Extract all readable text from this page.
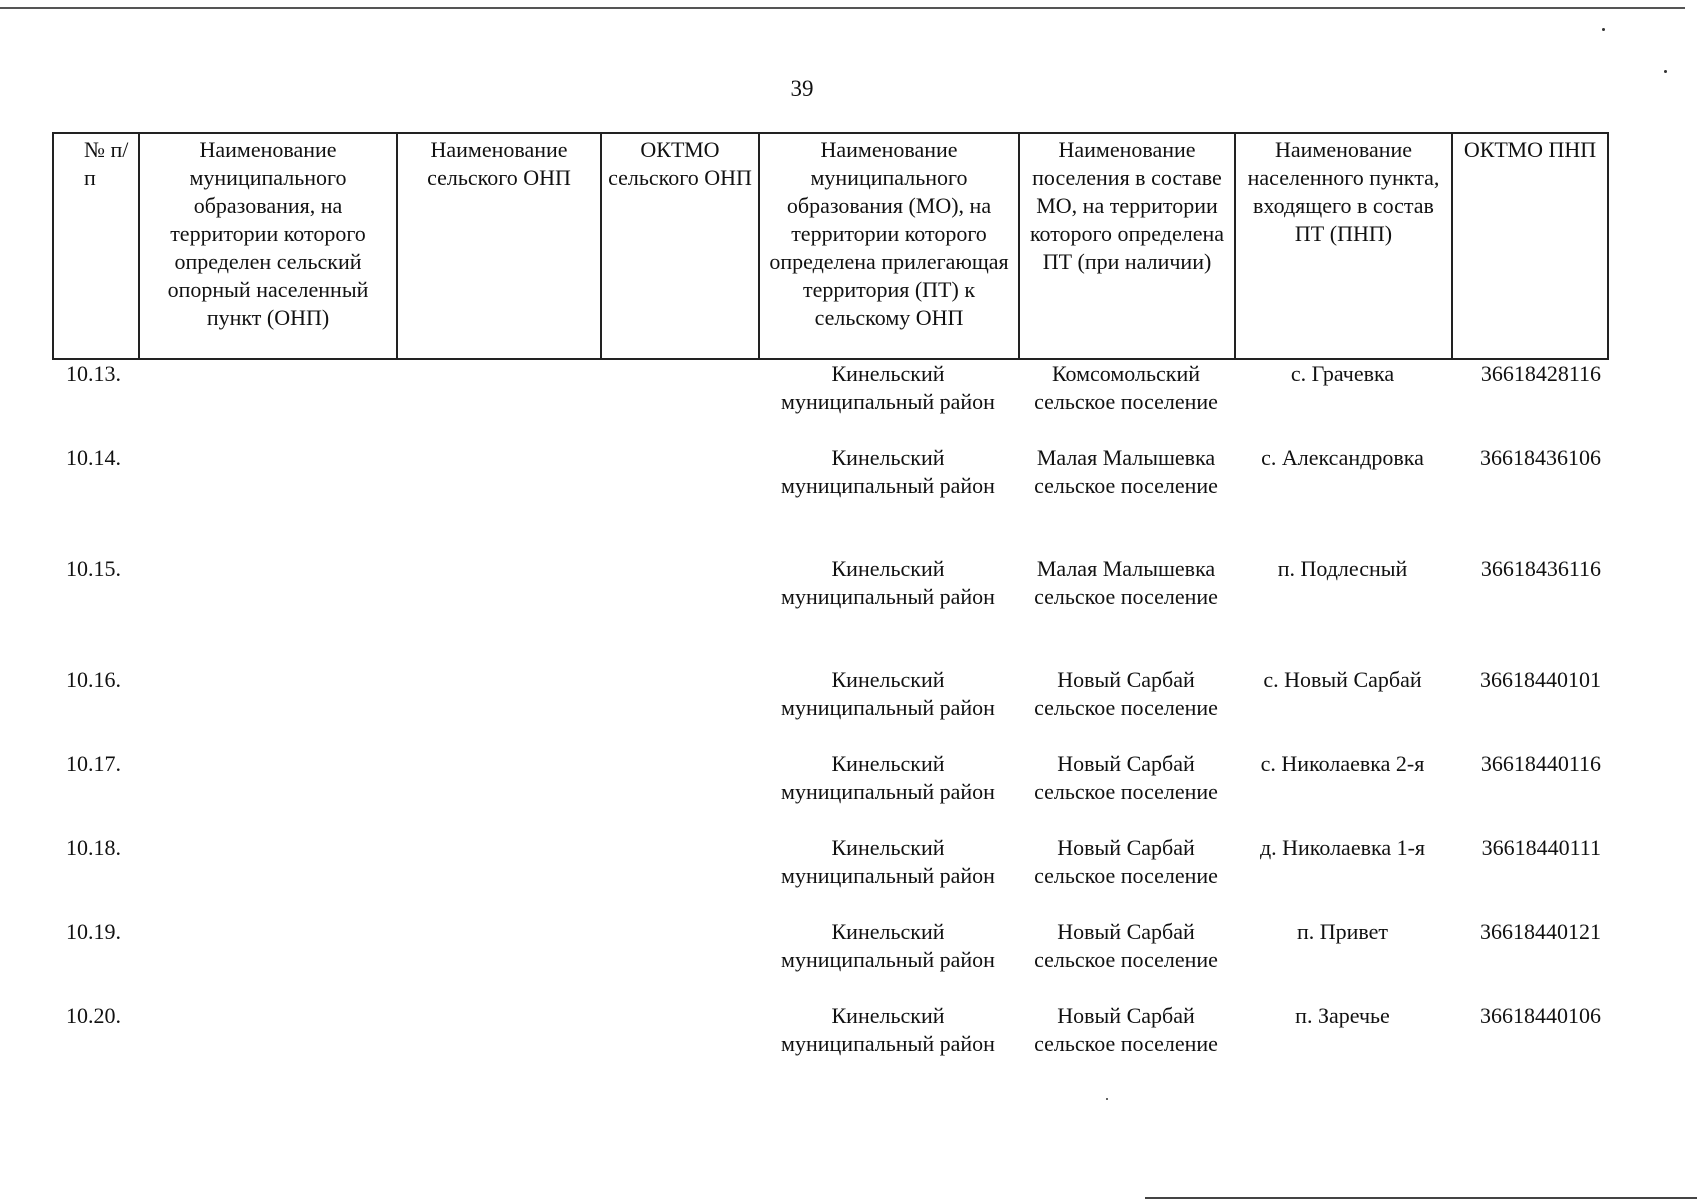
39
№ п/п	Наименование муниципального образования, на территории которого определен сельский опорный населенный пункт (ОНП)	Наименование сельского ОНП	ОКТМО сельского ОНП	Наименование муниципального образования (МО), на территории которого определена прилегающая территория (ПТ) к сельскому ОНП	Наименование поселения в составе МО, на территории которого определена ПТ (при наличии)	Наименование населенного пункта, входящего в состав ПТ (ПНП)	ОКТМО ПНП
10.13.				Кинельский муниципальный район	Комсомольский сельское поселение	с. Грачевка	36618428116
10.14.				Кинельский муниципальный район	Малая Малышевка сельское поселение	с. Александровка	36618436106
10.15.				Кинельский муниципальный район	Малая Малышевка сельское поселение	п. Подлесный	36618436116
10.16.				Кинельский муниципальный район	Новый Сарбай сельское поселение	с. Новый Сарбай	36618440101
10.17.				Кинельский муниципальный район	Новый Сарбай сельское поселение	с. Николаевка 2-я	36618440116
10.18.				Кинельский муниципальный район	Новый Сарбай сельское поселение	д. Николаевка 1-я	36618440111
10.19.				Кинельский муниципальный район	Новый Сарбай сельское поселение	п. Привет	36618440121
10.20.				Кинельский муниципальный район	Новый Сарбай сельское поселение	п. Заречье	36618440106
